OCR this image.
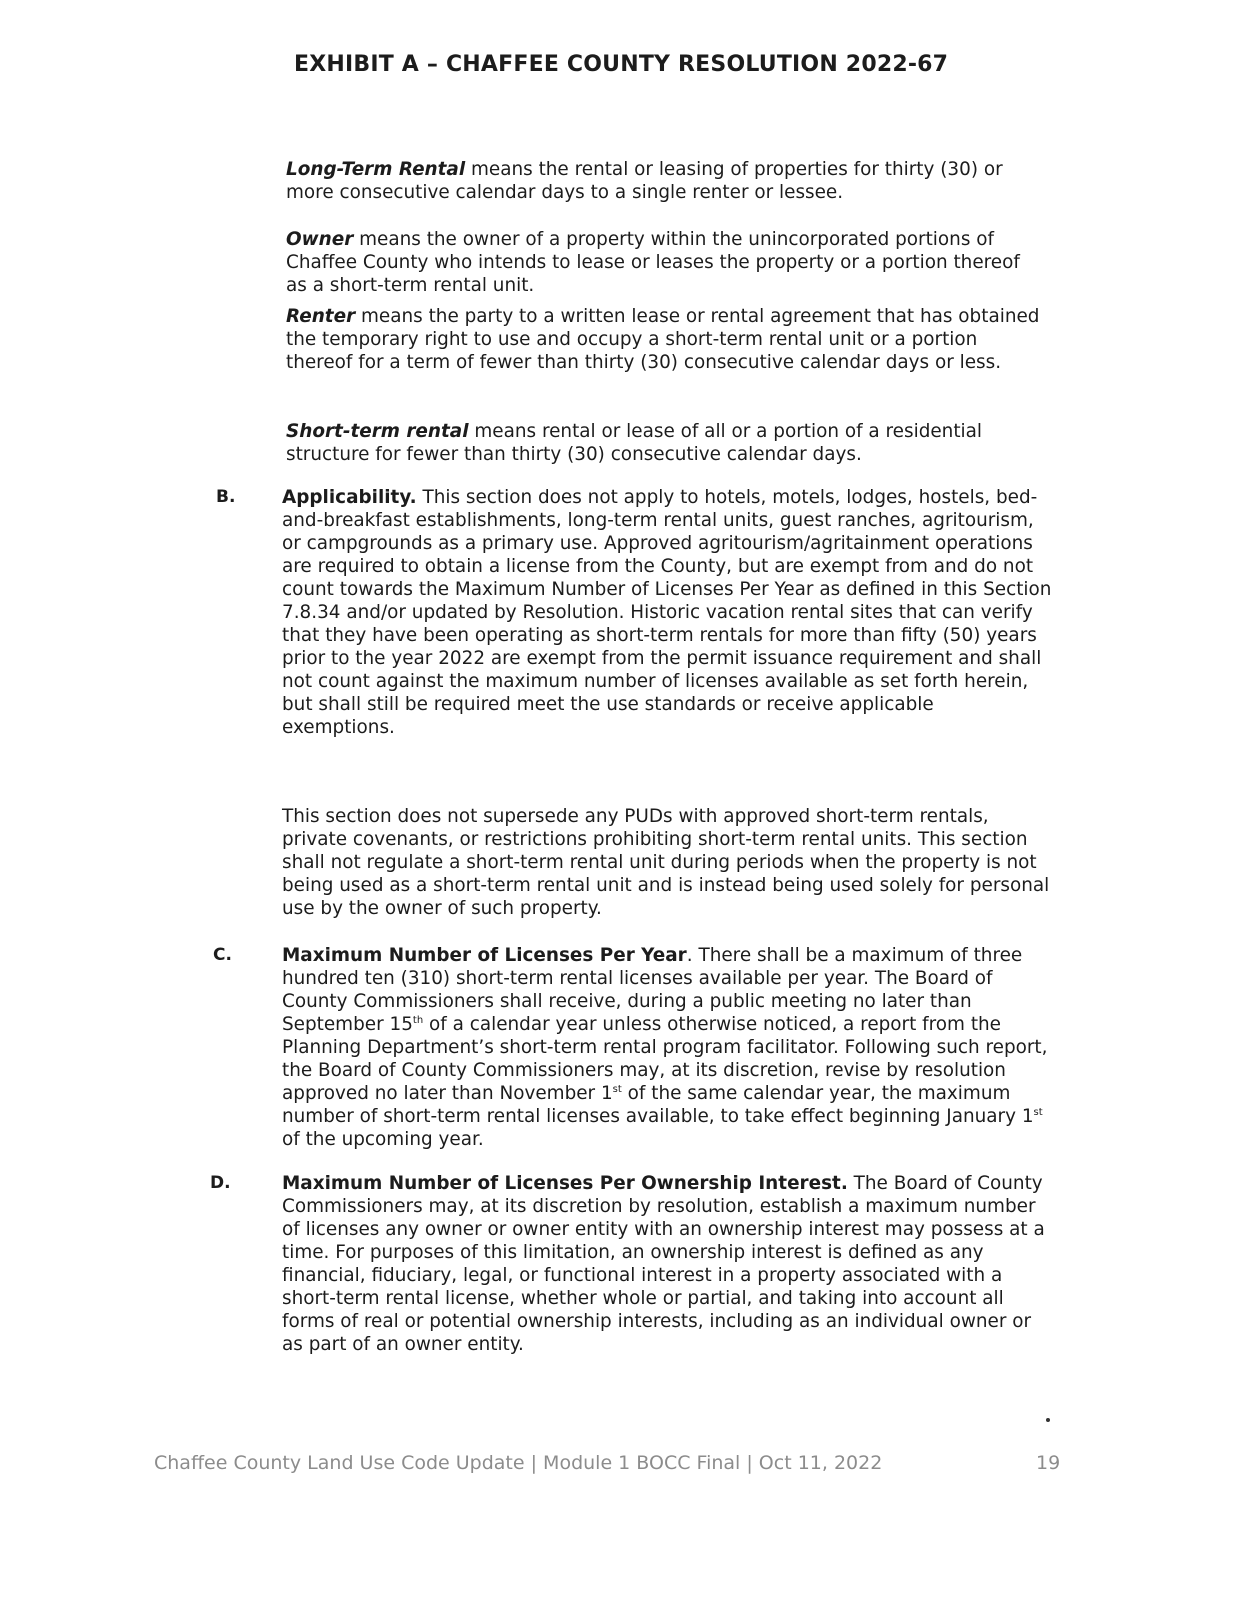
EXHIBIT A – CHAFFEE COUNTY RESOLUTION 2022-67

Long-Term Rental means the rental or leasing of properties for thirty (30) or more consecutive calendar days to a single renter or lessee.

Owner means the owner of a property within the unincorporated portions of Chaffee County who intends to lease or leases the property or a portion thereof as a short-term rental unit.

Renter means the party to a written lease or rental agreement that has obtained the temporary right to use and occupy a short-term rental unit or a portion thereof for a term of fewer than thirty (30) consecutive calendar days or less.

Short-term rental means rental or lease of all or a portion of a residential structure for fewer than thirty (30) consecutive calendar days.

B.	Applicability. This section does not apply to hotels, motels, lodges, hostels, bed-and-breakfast establishments, long-term rental units, guest ranches, agritourism, or campgrounds as a primary use. Approved agritourism/agritainment operations are required to obtain a license from the County, but are exempt from and do not count towards the Maximum Number of Licenses Per Year as defined in this Section 7.8.34 and/or updated by Resolution. Historic vacation rental sites that can verify that they have been operating as short-term rentals for more than fifty (50) years prior to the year 2022 are exempt from the permit issuance requirement and shall not count against the maximum number of licenses available as set forth herein, but shall still be required meet the use standards or receive applicable exemptions.

This section does not supersede any PUDs with approved short-term rentals, private covenants, or restrictions prohibiting short-term rental units. This section shall not regulate a short-term rental unit during periods when the property is not being used as a short-term rental unit and is instead being used solely for personal use by the owner of such property.

C.	Maximum Number of Licenses Per Year. There shall be a maximum of three hundred ten (310) short-term rental licenses available per year. The Board of County Commissioners shall receive, during a public meeting no later than September 15th of a calendar year unless otherwise noticed, a report from the Planning Department’s short-term rental program facilitator. Following such report, the Board of County Commissioners may, at its discretion, revise by resolution approved no later than November 1st of the same calendar year, the maximum number of short-term rental licenses available, to take effect beginning January 1st of the upcoming year.

D.	Maximum Number of Licenses Per Ownership Interest. The Board of County Commissioners may, at its discretion by resolution, establish a maximum number of licenses any owner or owner entity with an ownership interest may possess at a time. For purposes of this limitation, an ownership interest is defined as any financial, fiduciary, legal, or functional interest in a property associated with a short-term rental license, whether whole or partial, and taking into account all forms of real or potential ownership interests, including as an individual owner or as part of an owner entity.

Chaffee County Land Use Code Update | Module 1 BOCC Final | Oct 11, 2022	19
